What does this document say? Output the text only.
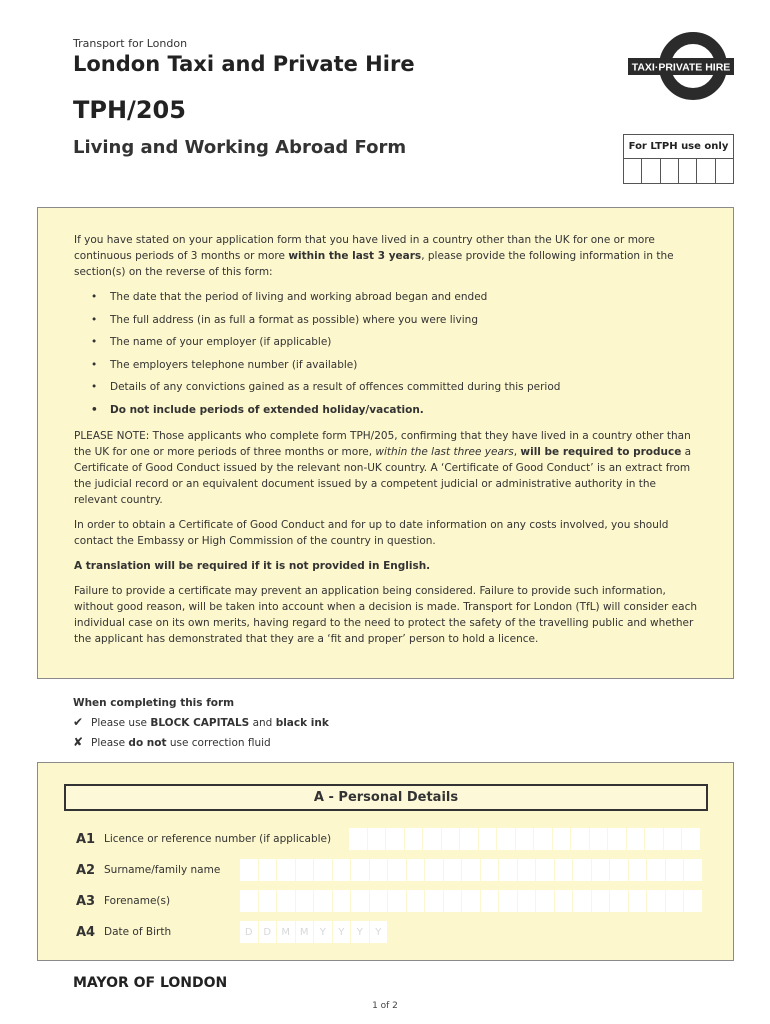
Transport for London
London Taxi and Private Hire
TPH/205
Living and Working Abroad Form
TAXI·PRIVATE HIRE
For LTPH use only

If you have stated on your application form that you have lived in a country other than the UK for one or more continuous periods of 3 months or more within the last 3 years, please provide the following information in the section(s) on the reverse of this form:

• The date that the period of living and working abroad began and ended
• The full address (in as full a format as possible) where you were living
• The name of your employer (if applicable)
• The employers telephone number (if available)
• Details of any convictions gained as a result of offences committed during this period
• Do not include periods of extended holiday/vacation.

PLEASE NOTE: Those applicants who complete form TPH/205, confirming that they have lived in a country other than the UK for one or more periods of three months or more, within the last three years, will be required to produce a Certificate of Good Conduct issued by the relevant non-UK country. A ‘Certificate of Good Conduct’ is an extract from the judicial record or an equivalent document issued by a competent judicial or administrative authority in the relevant country.

In order to obtain a Certificate of Good Conduct and for up to date information on any costs involved, you should contact the Embassy or High Commission of the country in question.

A translation will be required if it is not provided in English.

Failure to provide a certificate may prevent an application being considered. Failure to provide such information, without good reason, will be taken into account when a decision is made. Transport for London (TfL) will consider each individual case on its own merits, having regard to the need to protect the safety of the travelling public and whether the applicant has demonstrated that they are a ‘fit and proper’ person to hold a licence.

When completing this form
✔ Please use BLOCK CAPITALS and black ink
✘ Please do not use correction fluid
A - Personal Details
A1 Licence or reference number (if applicable)
A2 Surname/family name
A3 Forename(s)
A4 Date of Birth	D	D	M M	Y	Y	Y	Y
MAYOR OF LONDON
1 of 2
